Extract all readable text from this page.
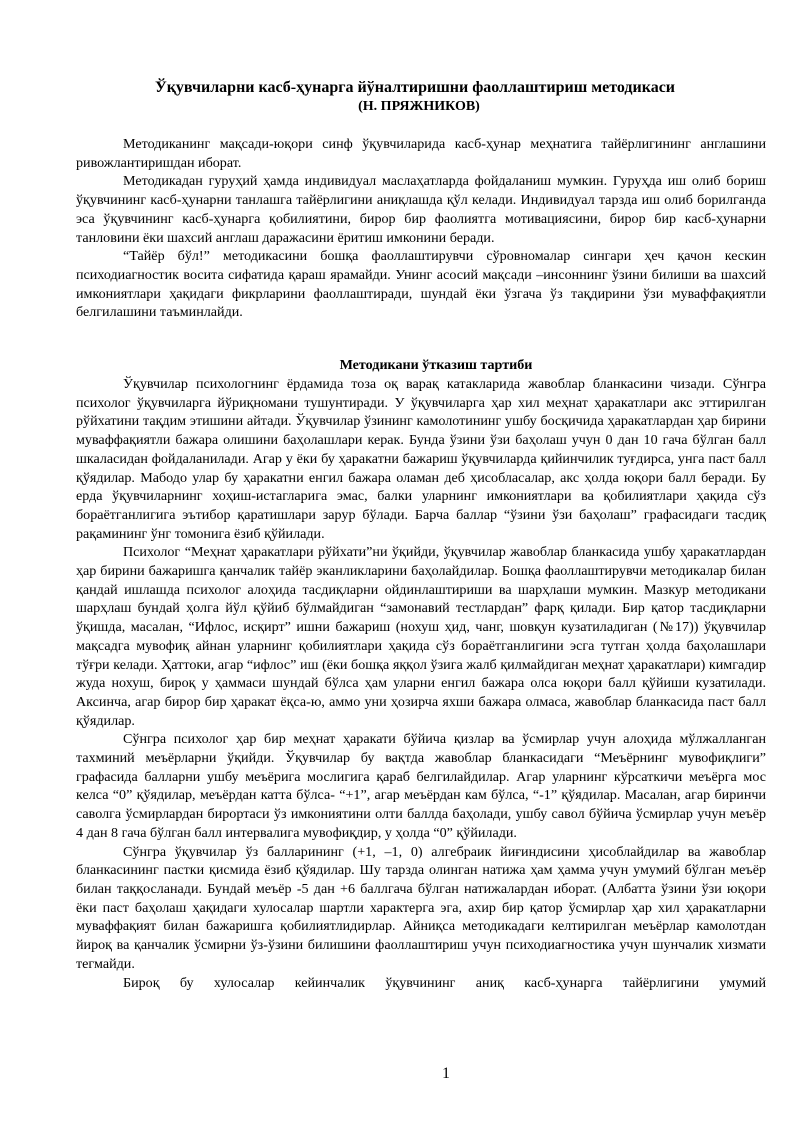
Ўқувчиларни касб-ҳунарга йўналтиришни фаоллаштириш методикаси
(Н. ПРЯЖНИКОВ)

Методиканинг мақсади-юқори синф ўқувчиларида касб-ҳунар меҳнатига тайёрлигининг англашини ривожлантиришдан иборат.

Методикадан гуруҳий ҳамда индивидуал маслаҳатларда фойдаланиш мумкин. Гуруҳда иш олиб бориш ўқувчининг касб-ҳунарни танлашга тайёрлигини аниқлашда қўл келади. Индивидуал тарзда иш олиб борилганда эса ўқувчининг касб-ҳунарга қобилиятини, бирор бир фаолиятга мотивациясини, бирор бир касб-ҳунарни танловини ёки шахсий англаш даражасини ёритиш имконини беради.

“Тайёр бўл!” методикасини бошқа фаоллаштирувчи сўровномалар сингари ҳеч қачон кескин психодиагностик восита сифатида қараш ярамайди. Унинг асосий мақсади –инсоннинг ўзини билиши ва шахсий имкониятлари ҳақидаги фикрларини фаоллаштиради, шундай ёки ўзгача ўз тақдирини ўзи муваффақиятли белгилашини таъминлайди.

Методикани ўтказиш тартиби

Ўқувчилар психологнинг ёрдамида тоза оқ варақ катакларида жавоблар бланкасини чизади. Сўнгра психолог ўқувчиларга йўриқномани тушунтиради. У ўқувчиларга ҳар хил меҳнат ҳаракатлари акс эттирилган рўйхатини тақдим этишини айтади. Ўқувчилар ўзининг камолотининг ушбу босқичида ҳаракатлардан ҳар бирини муваффақиятли бажара олишини баҳолашлари керак. Бунда ўзини ўзи баҳолаш учун 0 дан 10 гача бўлган балл шкаласидан фойдаланилади. Агар у ёки бу ҳаракатни бажариш ўқувчиларда қийинчилик туғдирса, унга паст балл қўядилар. Мабодо улар бу ҳаракатни енгил бажара оламан деб ҳисобласалар, акс ҳолда юқори балл беради. Бу ерда ўқувчиларнинг хоҳиш-истагларига эмас, балки уларнинг имкониятлари ва қобилиятлари ҳақида сўз бораётганлигига эътибор қаратишлари зарур бўлади. Барча баллар “ўзини ўзи баҳолаш” графасидаги тасдиқ рақамининг ўнг томонига ёзиб қўйилади.

Психолог “Меҳнат ҳаракатлари рўйхати”ни ўқийди, ўқувчилар жавоблар бланкасида ушбу ҳаракатлардан ҳар бирини бажаришга қанчалик тайёр эканликларини баҳолайдилар. Бошқа фаоллаштирувчи методикалар билан қандай ишлашда психолог алоҳида тасдиқларни ойдинлаштириши ва шарҳлаши мумкин. Мазкур методикани шарҳлаш бундай ҳолга йўл қўйиб бўлмайдиган “замонавий тестлардан” фарқ қилади. Бир қатор тасдиқларни ўқишда, масалан, “Ифлос, исқирт” ишни бажариш (нохуш ҳид, чанг, шовқун кузатиладиган (№17)) ўқувчилар мақсадга мувофиқ айнан уларнинг қобилиятлари ҳақида сўз бораётганлигини эсга тутган ҳолда баҳолашлари тўғри келади. Ҳаттоки, агар “ифлос” иш (ёки бошқа яққол ўзига жалб қилмайдиган меҳнат ҳаракатлари) кимгадир жуда нохуш, бироқ у ҳаммаси шундай бўлса ҳам уларни енгил бажара олса юқори балл қўйиши кузатилади. Аксинча, агар бирор бир ҳаракат ёқса-ю, аммо уни ҳозирча яхши бажара олмаса, жавоблар бланкасида паст балл қўядилар.

Сўнгра психолог ҳар бир меҳнат ҳаракати бўйича қизлар ва ўсмирлар учун алоҳида мўлжалланган тахминий меъёрларни ўқийди. Ўқувчилар бу вақтда жавоблар бланкасидаги “Меъёрнинг мувофиқлиги” графасида балларни ушбу меъёрига мослигига қараб белгилайдилар. Агар уларнинг кўрсаткичи меъёрга мос келса “0” қўядилар, меъёрдан катта бўлса- “+1”, агар меъёрдан кам бўлса, “-1” қўядилар. Масалан, агар биринчи саволга ўсмирлардан бирортаси ўз имкониятини олти баллда баҳолади, ушбу савол бўйича ўсмирлар учун меъёр 4 дан 8 гача бўлган балл интервалига мувофиқдир, у ҳолда “0” қўйилади.

Сўнгра ўқувчилар ўз балларининг (+1, –1, 0) алгебраик йиғиндисини ҳисоблайдилар ва жавоблар бланкасининг пастки қисмида ёзиб қўядилар. Шу тарзда олинган натижа ҳам ҳамма учун умумий бўлган меъёр билан таққосланади. Бундай меъёр -5 дан +6 баллгача бўлган натижалардан иборат. (Албатта ўзини ўзи юқори ёки паст баҳолаш ҳақидаги хулосалар шартли характерга эга, ахир бир қатор ўсмирлар ҳар хил ҳаракатларни муваффақият билан бажаришга қобилиятлидирлар. Айниқса методикадаги келтирилган меъёрлар камолотдан йироқ ва қанчалик ўсмирни ўз-ўзини билишини фаоллаштириш учун психодиагностика учун шунчалик хизмати тегмайди.

Бироқ бу хулосалар кейинчалик ўқувчининг аниқ касб-ҳунарга тайёрлигини умумий

1
